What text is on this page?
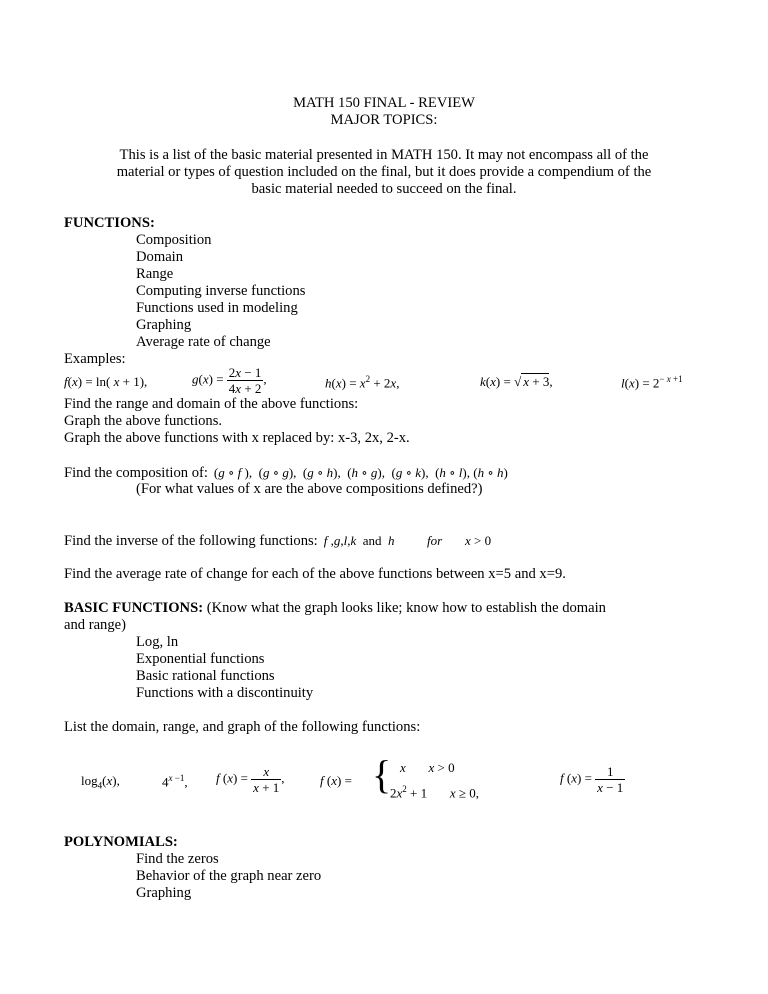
MATH 150 FINAL - REVIEW
MAJOR TOPICS:
This is a list of the basic material presented in MATH 150. It may not encompass all of the
material or types of question included on the final, but it does provide a compendium of the
basic material needed to succeed on the final.
FUNCTIONS:
Composition
Domain
Range
Computing inverse functions
Functions used in modeling
Graphing
Average rate of change
Examples:
f(x) = ln( x + 1),	$g(x) = \frac{2x - 1}{4x + 2}$ ,	$h(x) = x^2 + 2x$,	k(x) = √ x + 3,	$l(x) = 2^{- x +1}$
Find the range and domain of the above functions:
Graph the above functions.
Graph the above functions with x replaced by: x-3, 2x, 2-x.
Find the composition of: (g ∘ f ),  (g ∘ g),  (g ∘ h),  (h ∘ g),  (g ∘ k),  (h ∘ l), (h ∘ h)
(For what values of x are the above compositions defined?)
Find the inverse of the following functions: f ,g,l,k  and  h          for       x > 0
Find the average rate of change for each of the above functions between x=5 and x=9.
BASIC FUNCTIONS: (Know what the graph looks like; know how to establish the domain
and range)
Log, ln
Exponential functions
Basic rational functions
Functions with a discontinuity
List the domain, range, and graph of the following functions:
$\log_4(x)$,	$4^{x -1}$, f $(x) = \frac{x}{x + 1}$ ,	f (x) = { x       x > 0
$2x^2 + 1$       x ≥ 0,
f $(x) = \frac{1}{x - 1}$
POLYNOMIALS:
Find the zeros
Behavior of the graph near zero
Graphing
